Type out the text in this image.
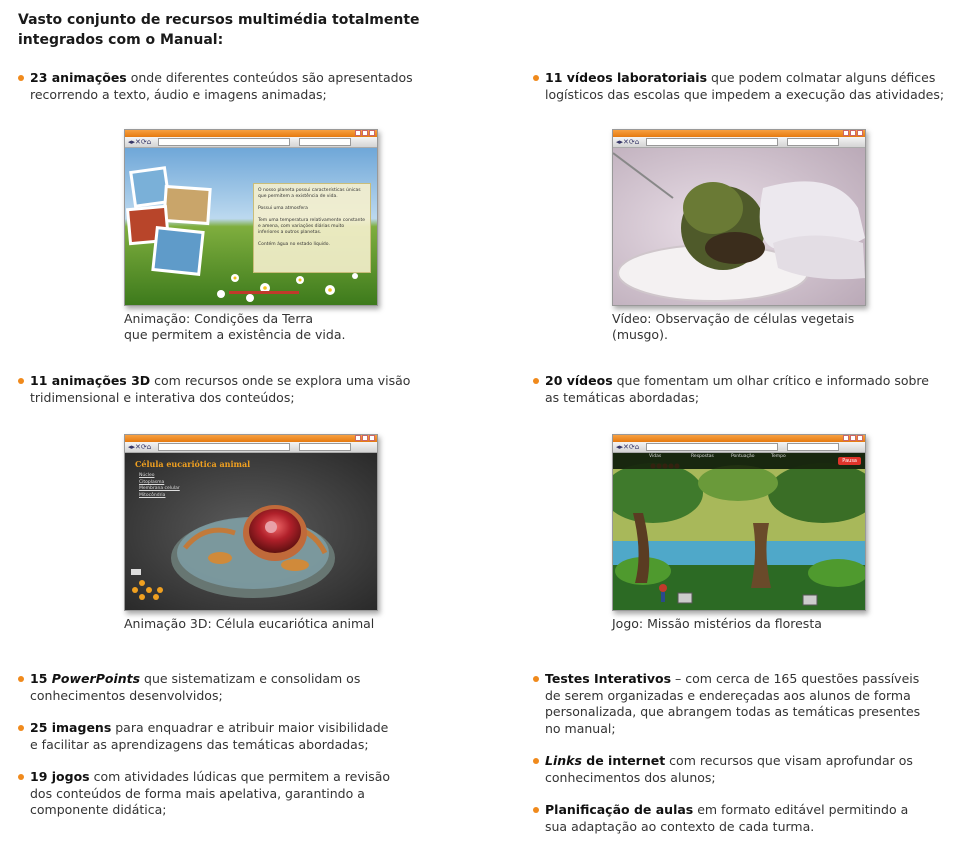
Vasto conjunto de recursos multimédia totalmente
integrados com o Manual:
23 animações onde diferentes conteúdos são apresentados recorrendo a texto, áudio e imagens animadas;
11 vídeos laboratoriais que podem colmatar alguns défices logísticos das escolas que impedem a execução das atividades;
◂▸✕⟳⌂
O nosso planeta possui características únicas que permitem a existência de vida.

Possui uma atmosfera

Tem uma temperatura relativamente constante e amena, com variações diárias muito inferiores a outros planetas.

Contém água no estado líquido.
Animação: Condições da Terra
que permitem a existência de vida.
◂▸✕⟳⌂
Vídeo: Observação de células vegetais
(musgo).
11 animações 3D com recursos onde se explora uma visão tridimensional e interativa dos conteúdos;
20 vídeos que fomentam um olhar crítico e informado sobre as temáticas abordadas;
◂▸✕⟳⌂
Célula eucariótica animal
Núcleo
Citoplasma
Membrana celular
Mitocôndria
Animação 3D: Célula eucariótica animal
◂▸✕⟳⌂
Vidas	Respostas	Pontuação	Tempo
Pausa
Jogo: Missão mistérios da floresta
15 PowerPoints que sistematizam e consolidam os conhecimentos desenvolvidos;
25 imagens para enquadrar e atribuir maior visibilidade e facilitar as aprendizagens das temáticas abordadas;
19 jogos com atividades lúdicas que permitem a revisão dos conteúdos de forma mais apelativa, garantindo a componente didática;
Testes Interativos – com cerca de 165 questões passíveis de serem organizadas e endereçadas aos alunos de forma personalizada, que abrangem todas as temáticas presentes no manual;
Links de internet com recursos que visam aprofundar os conhecimentos dos alunos;
Planificação de aulas em formato editável permitindo a sua adaptação ao contexto de cada turma.
